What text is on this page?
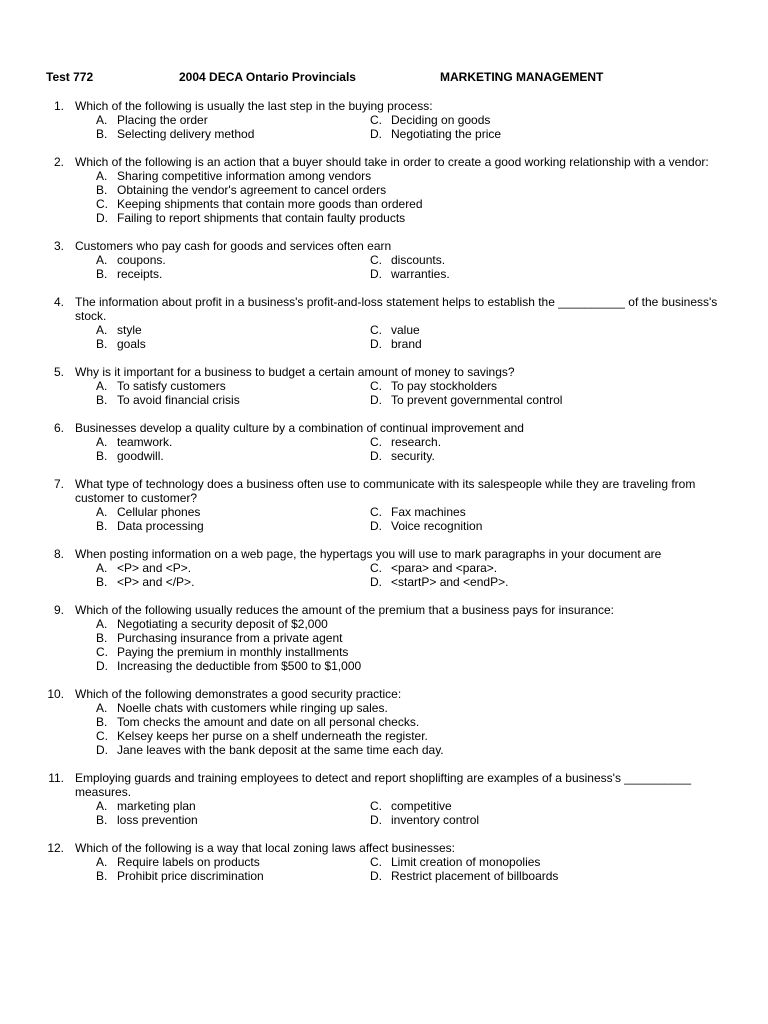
Test 772	2004 DECA Ontario Provincials	MARKETING MANAGEMENT
1. Which of the following is usually the last step in the buying process:
A. Placing the order	C. Deciding on goods
B. Selecting delivery method	D. Negotiating the price
2. Which of the following is an action that a buyer should take in order to create a good working relationship with a vendor:
A. Sharing competitive information among vendors
B. Obtaining the vendor's agreement to cancel orders
C. Keeping shipments that contain more goods than ordered
D. Failing to report shipments that contain faulty products
3. Customers who pay cash for goods and services often earn
A. coupons.	C. discounts.
B. receipts.	D. warranties.
4. The information about profit in a business's profit-and-loss statement helps to establish the __________ of the business's stock.
A. style	C. value
B. goals	D. brand
5. Why is it important for a business to budget a certain amount of money to savings?
A. To satisfy customers	C. To pay stockholders
B. To avoid financial crisis	D. To prevent governmental control
6. Businesses develop a quality culture by a combination of continual improvement and
A. teamwork.	C. research.
B. goodwill.	D. security.
7. What type of technology does a business often use to communicate with its salespeople while they are traveling from customer to customer?
A. Cellular phones	C. Fax machines
B. Data processing	D. Voice recognition
8. When posting information on a web page, the hypertags you will use to mark paragraphs in your document are
A. <P> and <P>.	C. <para> and <para>.
B. <P> and </P>.	D. <startP> and <endP>.
9. Which of the following usually reduces the amount of the premium that a business pays for insurance:
A. Negotiating a security deposit of $2,000
B. Purchasing insurance from a private agent
C. Paying the premium in monthly installments
D. Increasing the deductible from $500 to $1,000
10. Which of the following demonstrates a good security practice:
A. Noelle chats with customers while ringing up sales.
B. Tom checks the amount and date on all personal checks.
C. Kelsey keeps her purse on a shelf underneath the register.
D. Jane leaves with the bank deposit at the same time each day.
11. Employing guards and training employees to detect and report shoplifting are examples of a business's __________ measures.
A. marketing plan	C. competitive
B. loss prevention	D. inventory control
12. Which of the following is a way that local zoning laws affect businesses:
A. Require labels on products	C. Limit creation of monopolies
B. Prohibit price discrimination	D. Restrict placement of billboards
